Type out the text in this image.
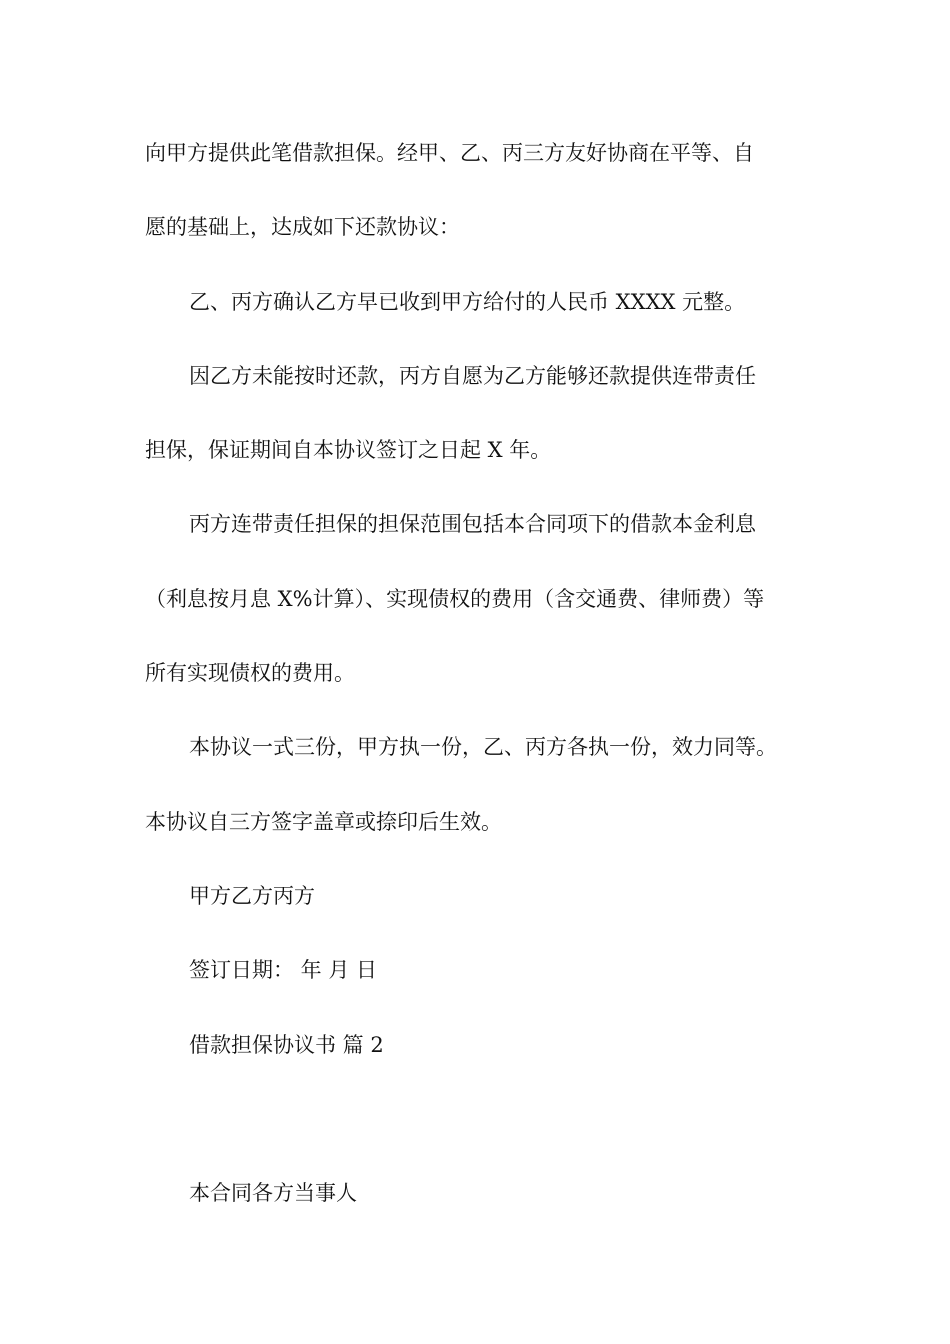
向甲方提供此笔借款担保。经甲、乙、丙三方友好协商在平等、自
愿的基础上，达成如下还款协议：
乙、丙方确认乙方早已收到甲方给付的人民币 XXXX 元整。
因乙方未能按时还款，丙方自愿为乙方能够还款提供连带责任
担保，保证期间自本协议签订之日起 X 年。
丙方连带责任担保的担保范围包括本合同项下的借款本金利息
（利息按月息 X%计算）、实现债权的费用（含交通费、律师费）等
所有实现债权的费用。
本协议一式三份，甲方执一份，乙、丙方各执一份，效力同等。
本协议自三方签字盖章或捺印后生效。
甲方乙方丙方
签订日期： 年 月 日
借款担保协议书 篇 2
本合同各方当事人
